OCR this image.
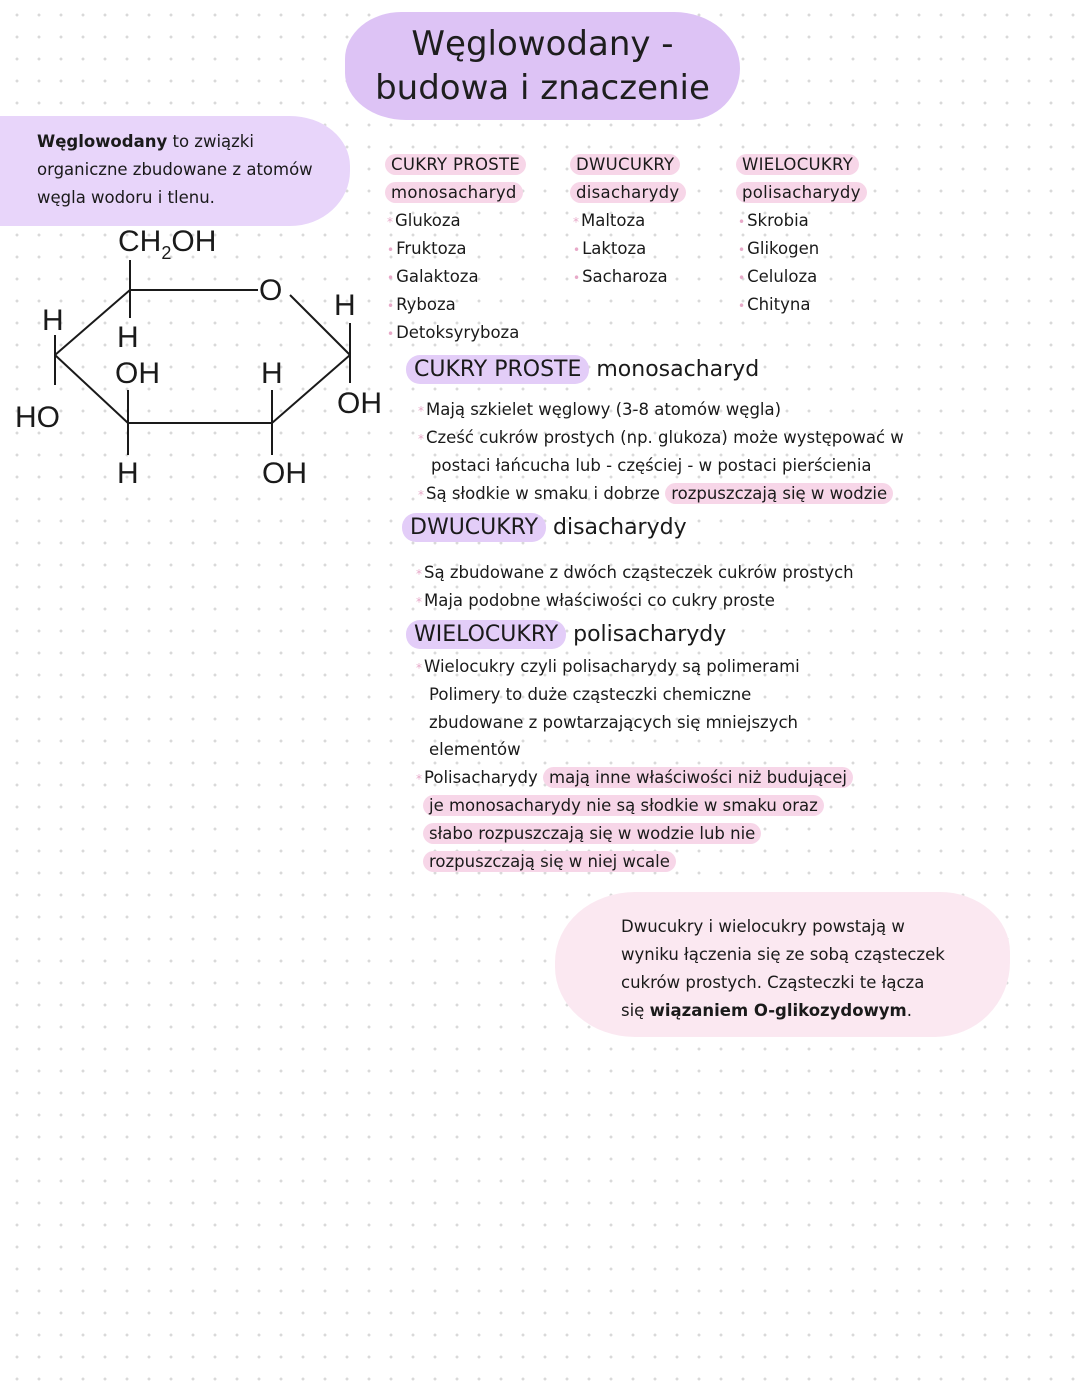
Węglowodany -
budowa i znaczenie
Węglowodany to związki
organiczne zbudowane z atomów
węgla wodoru i tlenu.
$CH_2OH$
O
H
H
OH	H
H
OH
HO
H	OH
CUKRY PROSTE
monosacharyd
* Glukoza
• Fruktoza
• Galaktoza
• Ryboza
• Detoksyryboza
DWUCUKRY
disacharydy
* Maltoza
• Laktoza
• Sacharoza
WIELOCUKRY
polisacharydy
• Skrobia
• Glikogen
• Celuloza
• Chityna
CUKRY PROSTE monosacharyd
* Mają szkielet węglowy (3-8 atomów węgla)
* Cześć cukrów prostych (np. glukoza) może występować w
postaci łańcucha lub - częściej - w postaci pierścienia
* Są słodkie w smaku i dobrze rozpuszczają się w wodzie
DWUCUKRY disacharydy
* Są zbudowane z dwóch cząsteczek cukrów prostych
* Maja podobne właściwości co cukry proste
WIELOCUKRY polisacharydy
* Wielocukry czyli polisacharydy są polimerami
Polimery to duże cząsteczki chemiczne
zbudowane z powtarzających się mniejszych
elementów
* Polisacharydy mają inne właściwości niż budującej
je monosacharydy nie są słodkie w smaku oraz
słabo rozpuszczają się w wodzie lub nie
rozpuszczają się w niej wcale
Dwucukry i wielocukry powstają w
wyniku łączenia się ze sobą cząsteczek
cukrów prostych. Cząsteczki te łącza
się wiązaniem O-glikozydowym.
